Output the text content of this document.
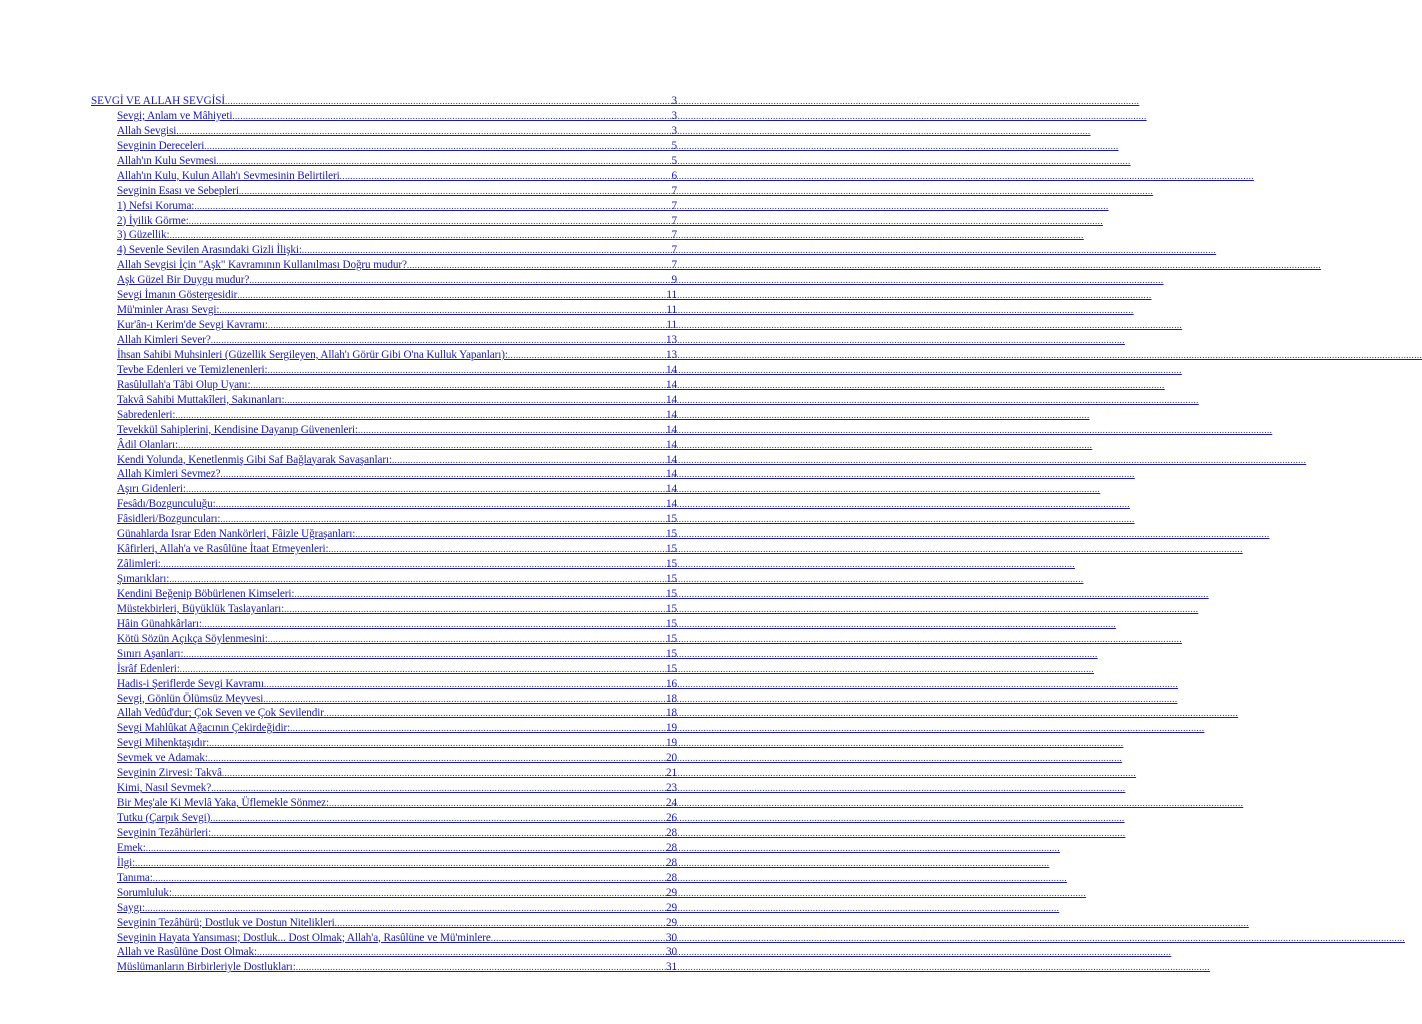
SEVGİ VE ALLAH SEVGİSİ .....	3
Sevgi; Anlam ve Mâhiyeti .....	3
Allah Sevgisi .....	3
Sevginin Dereceleri .....	5
Allah'ın Kulu Sevmesi .....	5
Allah'ın Kulu, Kulun Allah'ı Sevmesinin Belirtileri .....	6
Sevginin Esası ve Sebepleri .....	7
1) Nefsi Koruma: .....	7
2) İyilik Görme: .....	7
3) Güzellik: .....	7
4) Sevenle Sevilen Arasındaki Gizli İlişki: .....	7
Allah Sevgisi İçin "Aşk" Kavramının Kullanılması Doğru mudur? .....	7
Aşk Güzel Bir Duygu mudur? .....	9
Sevgi İmanın Göstergesidir .....	11
Mü'minler Arası Sevgi: .....	11
Kur'ân-ı Kerim'de Sevgi Kavramı: .....	11
Allah Kimleri Sever? .....	13
İhsan Sahibi Muhsinleri (Güzellik Sergileyen, Allah'ı Görür Gibi O'na Kulluk Yapanları): .....	13
Tevbe Edenleri ve Temizlenenleri: .....	14
Rasûlullah'a Tâbi Olup Uyanı: .....	14
Takvâ Sahibi Muttakîleri, Sakınanları: .....	14
Sabredenleri: .....	14
Tevekkül Sahiplerini, Kendisine Dayanıp Güvenenleri: .....	14
Âdil Olanları: .....	14
Kendi Yolunda, Kenetlenmiş Gibi Saf Bağlayarak Savaşanları: .....	14
Allah Kimleri Sevmez? .....	14
Aşırı Gidenleri: .....	14
Fesâdı/Bozgunculuğu: .....	14
Fâsidleri/Bozguncuları: .....	15
Günahlarda Israr Eden Nankörleri, Fâizle Uğraşanları: .....	15
Kâfirleri, Allah'a ve Rasûlüne İtaat Etmeyenleri: .....	15
Zâlimleri: .....	15
Şımarıkları: .....	15
Kendini Beğenip Böbürlenen Kimseleri: .....	15
Müstekbirleri, Büyüklük Taslayanları: .....	15
Hâin Günahkârları: .....	15
Kötü Sözün Açıkça Söylenmesini: .....	15
Sınırı Aşanları: .....	15
İsrâf Edenleri: .....	15
Hadis-i Şeriflerde Sevgi Kavramı .....	16
Sevgi, Gönlün Ölümsüz Meyvesi .....	18
Allah Vedûd'dur; Çok Seven ve Çok Sevilendir .....	18
Sevgi Mahlûkat Ağacının Çekirdeğidir: .....	19
Sevgi Mihenktaşıdır: .....	19
Sevmek ve Adamak: .....	20
Sevginin Zirvesi: Takvâ .....	21
Kimi, Nasıl Sevmek? .....	23
Bir Meş'ale Ki Mevlâ Yaka, Üflemekle Sönmez: .....	24
Tutku (Çarpık Sevgi) .....	26
Sevginin Tezâhürleri: .....	28
Emek: .....	28
İlgi: .....	28
Tanıma: .....	28
Sorumluluk: .....	29
Saygı: .....	29
Sevginin Tezâhürü; Dostluk ve Dostun Nitelikleri .....	29
Sevginin Hayata Yansıması; Dostluk... Dost Olmak; Allah'a, Rasûlüne ve Mü'minlere .....	30
Allah ve Rasûlüne Dost Olmak: .....	30
Müslümanların Birbirleriyle Dostlukları: .....	31
